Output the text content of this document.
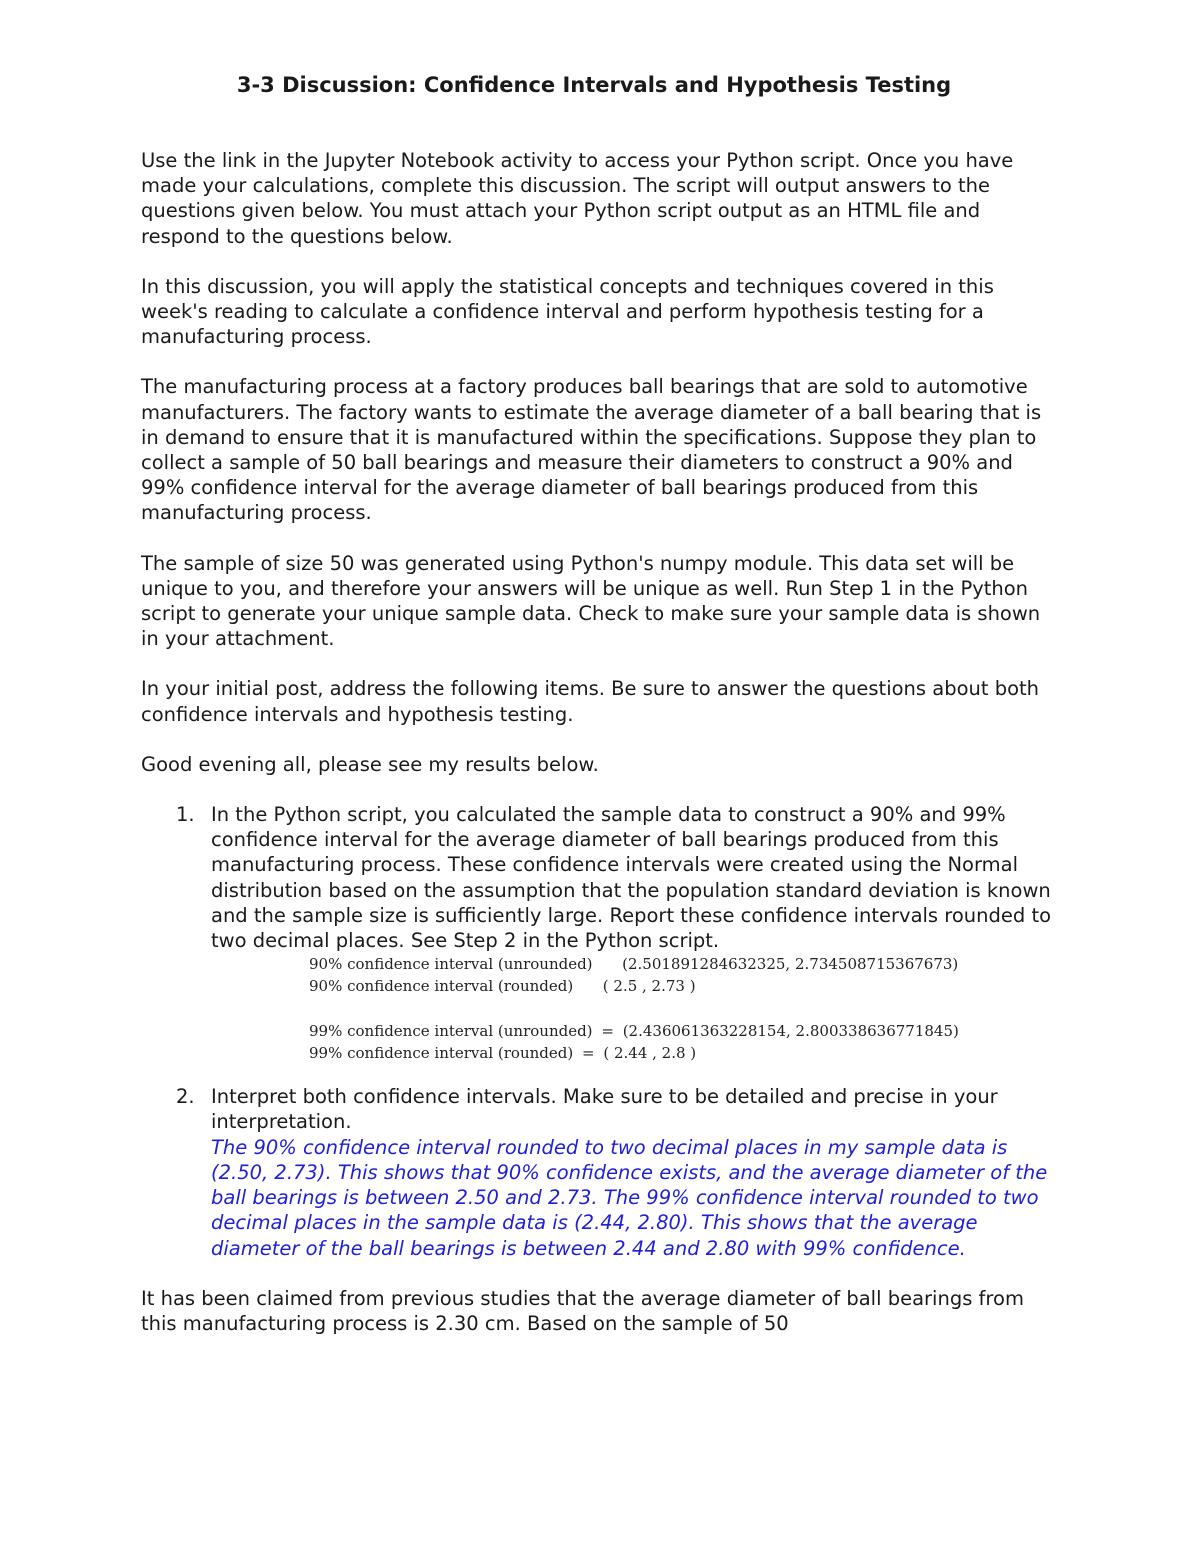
3-3 Discussion: Confidence Intervals and Hypothesis Testing

Use the link in the Jupyter Notebook activity to access your Python script. Once you have made your calculations, complete this discussion. The script will output answers to the questions given below. You must attach your Python script output as an HTML file and respond to the questions below.

In this discussion, you will apply the statistical concepts and techniques covered in this week's reading to calculate a confidence interval and perform hypothesis testing for a manufacturing process.

The manufacturing process at a factory produces ball bearings that are sold to automotive manufacturers. The factory wants to estimate the average diameter of a ball bearing that is in demand to ensure that it is manufactured within the specifications. Suppose they plan to collect a sample of 50 ball bearings and measure their diameters to construct a 90% and 99% confidence interval for the average diameter of ball bearings produced from this manufacturing process.

The sample of size 50 was generated using Python's numpy module. This data set will be unique to you, and therefore your answers will be unique as well. Run Step 1 in the Python script to generate your unique sample data. Check to make sure your sample data is shown in your attachment.

In your initial post, address the following items. Be sure to answer the questions about both confidence intervals and hypothesis testing.

Good evening all, please see my results below.

1. In the Python script, you calculated the sample data to construct a 90% and 99% confidence interval for the average diameter of ball bearings produced from this manufacturing process. These confidence intervals were created using the Normal distribution based on the assumption that the population standard deviation is known and the sample size is sufficiently large. Report these confidence intervals rounded to two decimal places. See Step 2 in the Python script.
90% confidence interval (unrounded) (2.501891284632325, 2.734508715367673)
90% confidence interval (rounded) ( 2.5 , 2.73 )
99% confidence interval (unrounded) = (2.436061363228154, 2.800338636771845)
99% confidence interval (rounded) = ( 2.44 , 2.8 )
2. Interpret both confidence intervals. Make sure to be detailed and precise in your interpretation.
The 90% confidence interval rounded to two decimal places in my sample data is (2.50, 2.73). This shows that 90% confidence exists, and the average diameter of the ball bearings is between 2.50 and 2.73. The 99% confidence interval rounded to two decimal places in the sample data is (2.44, 2.80). This shows that the average diameter of the ball bearings is between 2.44 and 2.80 with 99% confidence.

It has been claimed from previous studies that the average diameter of ball bearings from this manufacturing process is 2.30 cm. Based on the sample of 50
